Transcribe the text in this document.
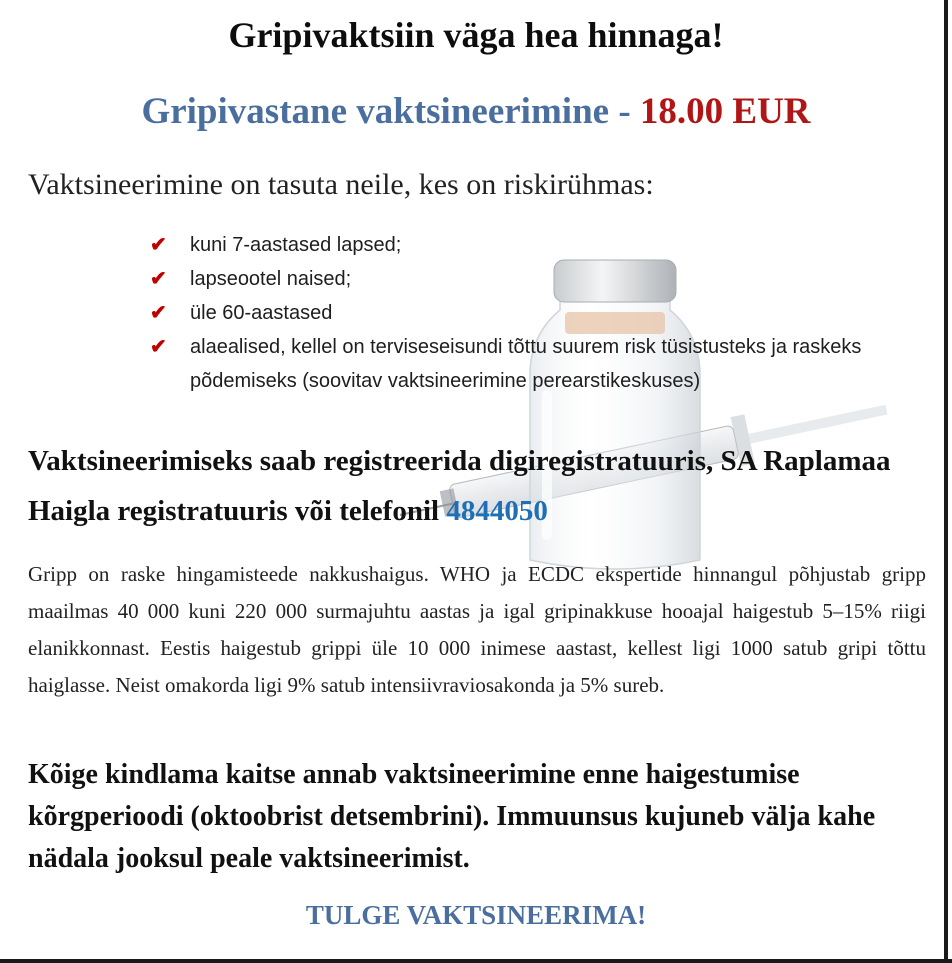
Gripivaktsiin väga hea hinnaga!
Gripivastane vaktsineerimine - 18.00 EUR
Vaktsineerimine on tasuta neile, kes on riskirühmas:
✔ kuni 7-aastased lapsed;
✔ lapseootel naised;
✔ üle 60-aastased
✔ alaealised, kellel on terviseseisundi tõttu suurem risk tüsistusteks ja raskeks põdemiseks (soovitav vaktsineerimine perearstikeskuses)
Vaktsineerimiseks saab registreerida digiregistratuuris, SA Raplamaa Haigla registratuuris või telefonil 4844050
Gripp on raske hingamisteede nakkushaigus. WHO ja ECDC ekspertide hinnangul põhjustab gripp maailmas 40 000 kuni 220 000 surmajuhtu aastas ja igal gripinakkuse hooajal haigestub 5–15% riigi elanikkonnast. Eestis haigestub grippi üle 10 000 inimese aastast, kellest ligi 1000 satub gripi tõttu haiglasse. Neist omakorda ligi 9% satub intensiivraviosakonda ja 5% sureb.
Kõige kindlama kaitse annab vaktsineerimine enne haigestumise kõrgperioodi (oktoobrist detsembrini). Immuunsus kujuneb välja kahe nädala jooksul peale vaktsineerimist.
TULGE VAKTSINEERIMA!
